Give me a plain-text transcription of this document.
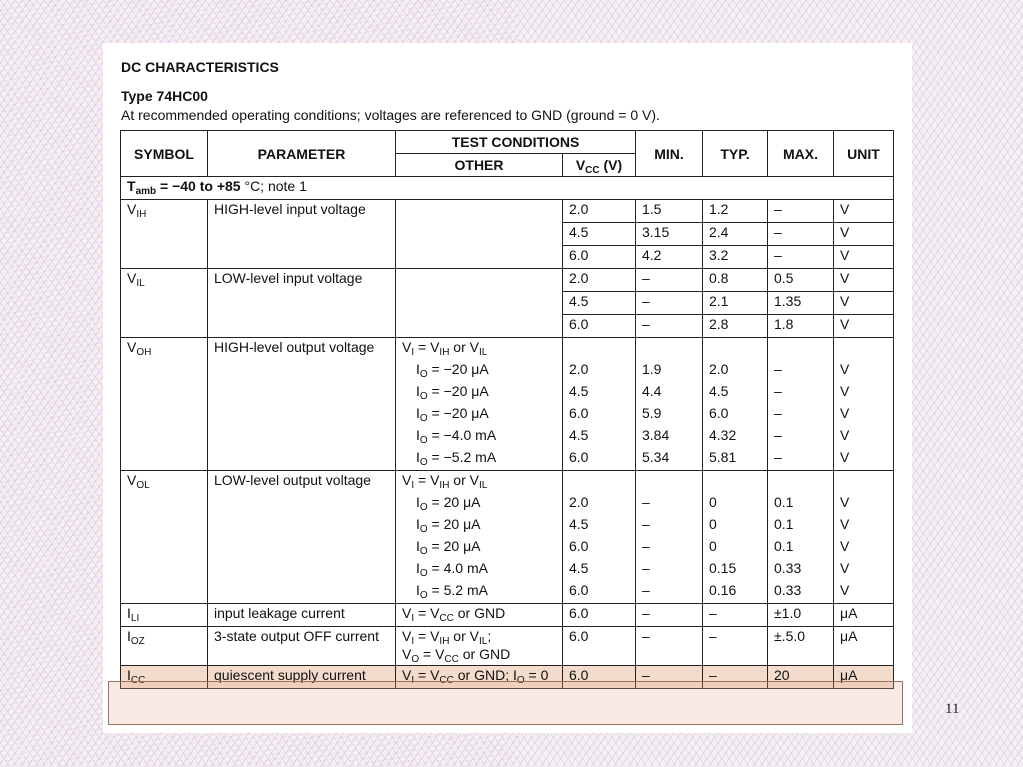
DC CHARACTERISTICS
Type 74HC00
At recommended operating conditions; voltages are referenced to GND (ground = 0 V).
SYMBOL	PARAMETER	TEST CONDITIONS		MIN.	TYP.	MAX.	UNIT
		OTHER	$V_{CC}$ (V)				
$T_{amb} = -40$ to +85 °C; note 1							
$V_{IH}$	HIGH-level input voltage		2.0	1.5	1.2	–	V
			4.5	3.15	2.4	–	V
			6.0	4.2	3.2	–	V
$V_{IL}$	LOW-level input voltage		2.0	–	0.8	0.5	V
			4.5	–	2.1	1.35	V
			6.0	–	2.8	1.8	V
$V_{OH}$	HIGH-level output voltage	$V_I = V_{IH}$ or $V_{IL}$					
		$I_O = -20$ μA	2.0	1.9	2.0	–	V
		$I_O = -20$ μA	4.5	4.4	4.5	–	V
		$I_O = -20$ μA	6.0	5.9	6.0	–	V
		$I_O = -4.0$ mA	4.5	3.84	4.32	–	V
		$I_O = -5.2$ mA	6.0	5.34	5.81	–	V
$V_{OL}$	LOW-level output voltage	$V_I = V_{IH}$ or $V_{IL}$					
		$I_O = 20$ μA	2.0	–	0	0.1	V
		$I_O = 20$ μA	4.5	–	0	0.1	V
		$I_O = 20$ μA	6.0	–	0	0.1	V
		$I_O = 4.0$ mA	4.5	–	0.15	0.33	V
		$I_O = 5.2$ mA	6.0	–	0.16	0.33	V
$I_{LI}$	input leakage current	$V_I = V_{CC}$ or GND	6.0	–	–	±1.0	μA
$I_{OZ}$	3-state output OFF current	$V_I = V_{IH}$ or $V_{IL}$;
$V_O = V_{CC}$ or GND	6.0	–	–	±.5.0	μA
$I_{CC}$	quiescent supply current	$V_I = V_{CC}$ or GND; $I_O = 0$	6.0	–	–	20	μA
11
